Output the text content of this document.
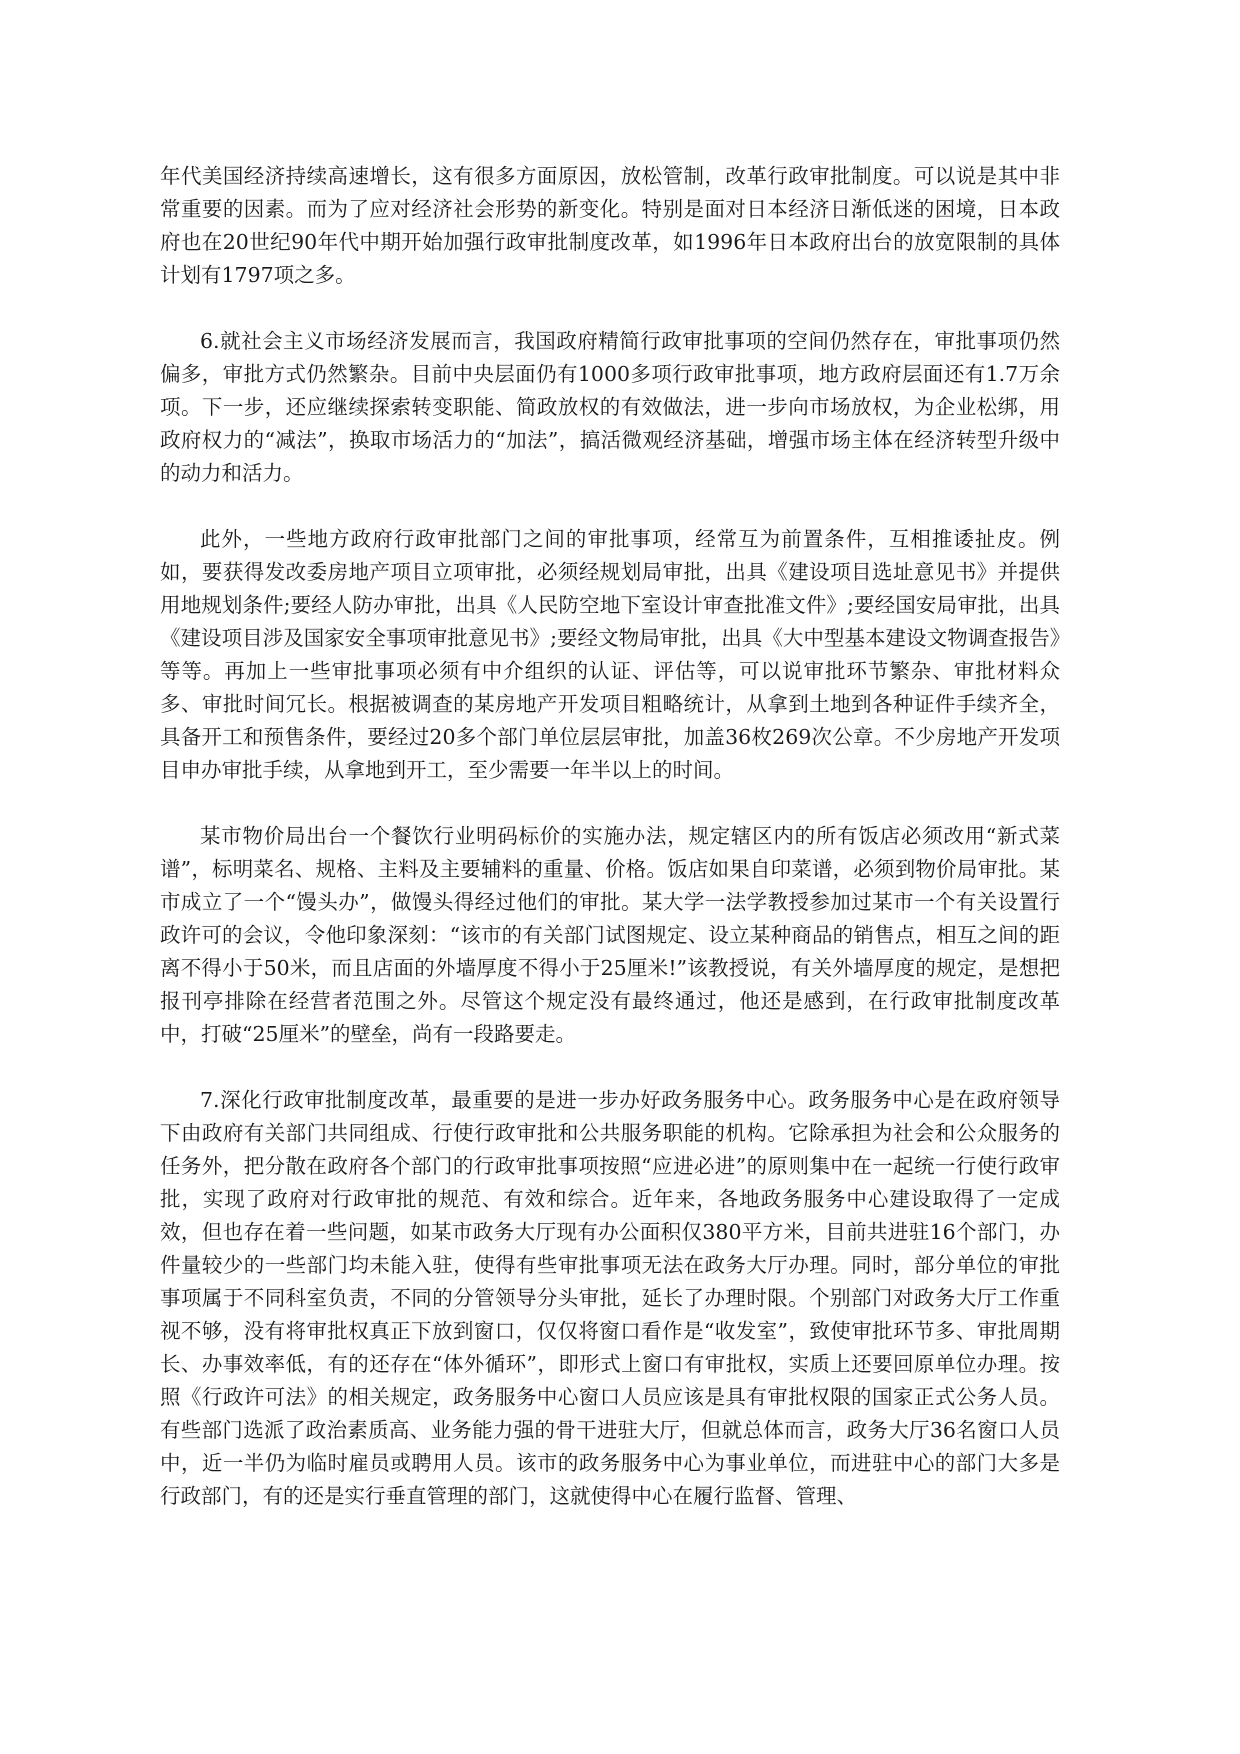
年代美国经济持续高速增长，这有很多方面原因，放松管制，改革行政审批制度。可以说是其中非常重要的因素。而为了应对经济社会形势的新变化。特别是面对日本经济日渐低迷的困境，日本政府也在20世纪90年代中期开始加强行政审批制度改革，如1996年日本政府出台的放宽限制的具体计划有1797项之多。

6.就社会主义市场经济发展而言，我国政府精简行政审批事项的空间仍然存在，审批事项仍然偏多，审批方式仍然繁杂。目前中央层面仍有1000多项行政审批事项，地方政府层面还有1.7万余项。下一步，还应继续探索转变职能、简政放权的有效做法，进一步向市场放权，为企业松绑，用政府权力的“减法”，换取市场活力的“加法”，搞活微观经济基础，增强市场主体在经济转型升级中的动力和活力。

此外，一些地方政府行政审批部门之间的审批事项，经常互为前置条件，互相推诿扯皮。例如，要获得发改委房地产项目立项审批，必须经规划局审批，出具《建设项目选址意见书》并提供用地规划条件;要经人防办审批，出具《人民防空地下室设计审查批准文件》;要经国安局审批，出具《建设项目涉及国家安全事项审批意见书》;要经文物局审批，出具《大中型基本建设文物调查报告》等等。再加上一些审批事项必须有中介组织的认证、评估等，可以说审批环节繁杂、审批材料众多、审批时间冗长。根据被调查的某房地产开发项目粗略统计，从拿到土地到各种证件手续齐全，具备开工和预售条件，要经过20多个部门单位层层审批，加盖36枚269次公章。不少房地产开发项目申办审批手续，从拿地到开工，至少需要一年半以上的时间。

某市物价局出台一个餐饮行业明码标价的实施办法，规定辖区内的所有饭店必须改用“新式菜谱”，标明菜名、规格、主料及主要辅料的重量、价格。饭店如果自印菜谱，必须到物价局审批。某市成立了一个“馒头办”，做馒头得经过他们的审批。某大学一法学教授参加过某市一个有关设置行政许可的会议，令他印象深刻：“该市的有关部门试图规定、设立某种商品的销售点，相互之间的距离不得小于50米，而且店面的外墙厚度不得小于25厘米!”该教授说，有关外墙厚度的规定，是想把报刊亭排除在经营者范围之外。尽管这个规定没有最终通过，他还是感到，在行政审批制度改革中，打破“25厘米”的壁垒，尚有一段路要走。

7.深化行政审批制度改革，最重要的是进一步办好政务服务中心。政务服务中心是在政府领导下由政府有关部门共同组成、行使行政审批和公共服务职能的机构。它除承担为社会和公众服务的任务外，把分散在政府各个部门的行政审批事项按照“应进必进”的原则集中在一起统一行使行政审批，实现了政府对行政审批的规范、有效和综合。近年来，各地政务服务中心建设取得了一定成效，但也存在着一些问题，如某市政务大厅现有办公面积仅380平方米，目前共进驻16个部门，办件量较少的一些部门均未能入驻，使得有些审批事项无法在政务大厅办理。同时，部分单位的审批事项属于不同科室负责，不同的分管领导分头审批，延长了办理时限。个别部门对政务大厅工作重视不够，没有将审批权真正下放到窗口，仅仅将窗口看作是“收发室”，致使审批环节多、审批周期长、办事效率低，有的还存在“体外循环”，即形式上窗口有审批权，实质上还要回原单位办理。按照《行政许可法》的相关规定，政务服务中心窗口人员应该是具有审批权限的国家正式公务人员。有些部门选派了政治素质高、业务能力强的骨干进驻大厅，但就总体而言，政务大厅36名窗口人员中，近一半仍为临时雇员或聘用人员。该市的政务服务中心为事业单位，而进驻中心的部门大多是行政部门，有的还是实行垂直管理的部门，这就使得中心在履行监督、管理、
